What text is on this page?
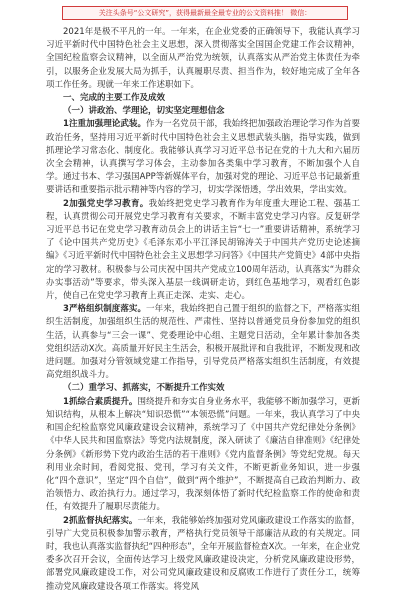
关注头条号“公文研究”，获得最新最全最专业的公文资料推！ 微信：

2021年是极不平凡的一年。一年来，在企业党委的正确领导下，我能认真学习习近平新时代中国特色社会主义思想，深入贯彻落实全国国企党建工作会议精神，全国纪检监察会议精神，以全面从严治党为统领，认真落实从严治党主体责任为牵引，以服务企业发展大局为抓手，认真履职尽责、担当作为，较好地完成了全年各项工作任务。现就一年来工作述职如下。

一、完成的主要工作及成效

（一）讲政治、学理论，切实坚定理想信念

1注重加强理论武装。作为一名党员干部，我始终把加强政治理论学习作为首要政治任务，坚持用习近平新时代中国特色社会主义思想武装头脑，指导实践，做到抓理论学习常态化、制度化。我能够认真学习习近平总书记在党的十九大和六届历次全会精神，认真撰写学习体会，主动参加各类集中学习教育，不断加强个人自学。通过书本、学习强国APP等新媒体平台，加强对党的理论、习近平总书记最新重要讲话和重要指示批示精神等内容的学习，切实学深悟透，学出效果，学出实效。

2加强党史学习教育。我始终把党史学习教育作为年度重大理论工程、强基工程，认真贯彻公司开展党史学习教育有关要求，不断丰富党史学习内容。反复研学习近平总书记在党史学习教育动员会上的讲话主旨“七一”重要讲话精神，系统学习了《论中国共产党历史》《毛泽东邓小平江泽民胡锦涛关于中国共产党历史论述摘编》《习近平新时代中国特色社会主义思想学习问答》《中国共产党简史》4部中央指定的学习教材。积极参与公司庆祝中国共产党成立100周年活动，认真落实“为群众办实事活动”等要求，带头深入基层一线调研走访，到红色基地学习，观看红色影片，使自己在党史学习教育上真正走深、走实、走心。

3严格组织制度落实。一年来，我始终把自己置于组织的监督之下，严格落实组织生活制度，加强组织生活的规范性、严肃性、坚持以普通党员身份参加党的组织生活，认真参与“三会一课”、党委理论中心组、主题党日活动，全年累计参加各类党组织活动X次。高质量开好民主生活会，积极开展批评和自我批评，不断发现和改进问题。加强对分管领域党建工作指导，引导党员严格落实组织生活制度，有效提高党组织战斗力。

（二）重学习、抓落实，不断提升工作实效

1抓综合素质提升。围绕提升和夯实自身业务水平，我能够不断加强学习，更新知识结构，从根本上解决“知识恐慌”“本领恐慌”问题。一年来，我认真学习了中央和国企纪检监察党风廉政建设会议精神，系统学习了《中国共产党纪律处分条例》《中华人民共和国监察法》等党内法规制度，深入研读了《廉洁自律准则》《纪律处分条例》《新形势下党内政治生活的若干准则》《党内监督条例》等党纪党规。每天利用业余时间，看阅党报、党刊，学习有关文件，不断更新业务知识，进一步强化“四个意识”，坚定“四个自信”，做到“两个维护”，不断提高自己政治判断力、政治领悟力、政治执行力。通过学习，我深刻体悟了新时代纪检监察工作的使命和责任，有效提升了履职尽责能力。

2抓监督执纪落实。一年来，我能够始终加强对党风廉政建设工作落实的监督，引导广大党员积极参加警示教育，严格执行党员领导干部廉洁从政的有关规定。同时，我也认真落实监督执纪“四种形态”，全年开展监督检查X次。一年来，在企业党委多次召开会议，全面传达学习上级党风廉政建设决定，分析党风廉政建设形势，部署党风廉政建设工作，对公司党风廉政建设和反腐败工作进行了责任分工，统筹推动党风廉政建设各项工作落实。将党风
